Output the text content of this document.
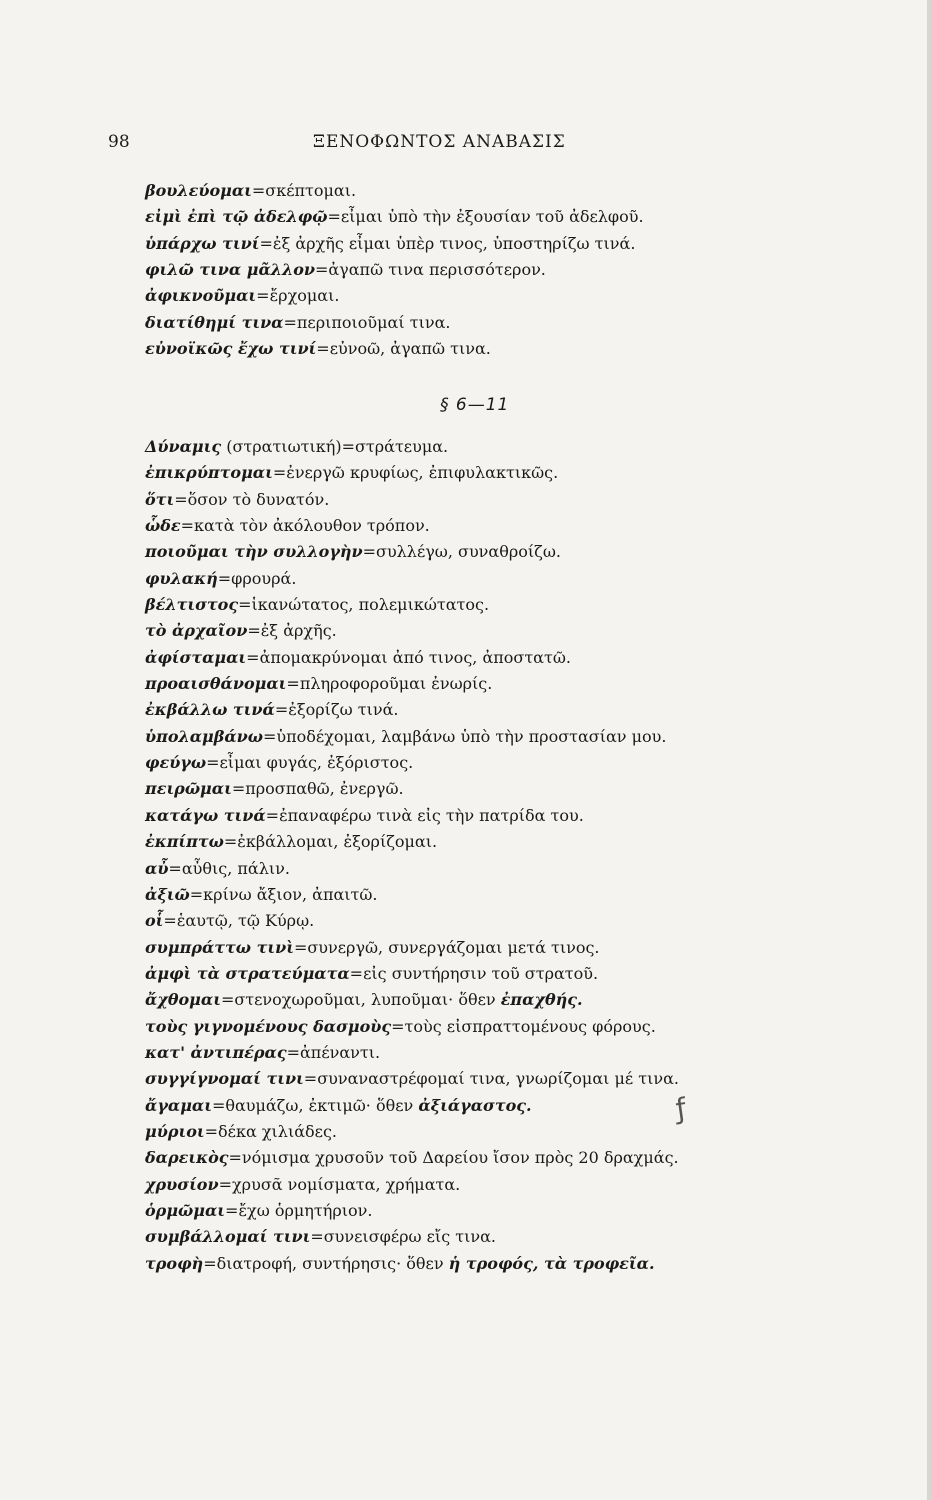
98	ΞΕΝΟΦΩΝΤΟΣ ΑΝΑΒΑΣΙΣ
βουλεύομαι=σκέπτομαι.
εἰμὶ ἐπὶ τῷ ἀδελφῷ=εἶμαι ὑπὸ τὴν ἐξουσίαν τοῦ ἀδελφοῦ.
ὑπάρχω τινί=ἐξ ἀρχῆς εἶμαι ὑπὲρ τινος, ὑποστηρίζω τινά.
φιλῶ τινα μᾶλλον=ἀγαπῶ τινα περισσότερον.
ἀφικνοῦμαι=ἔρχομαι.
διατίθημί τινα=περιποιοῦμαί τινα.
εὐνοϊκῶς ἔχω τινί=εὐνοῶ, ἀγαπῶ τινα.
§ 6—11
Δύναμις (στρατιωτική)=στράτευμα.
ἐπικρύπτομαι=ἐνεργῶ κρυφίως, ἐπιφυλακτικῶς.
ὅτι=ὅσον τὸ δυνατόν.
ὧδε=κατὰ τὸν ἀκόλουθον τρόπον.
ποιοῦμαι τὴν συλλογὴν=συλλέγω, συναθροίζω.
φυλακή=φρουρά.
βέλτιστος=ἱκανώτατος, πολεμικώτατος.
τὸ ἀρχαῖον=ἐξ ἀρχῆς.
ἀφίσταμαι=ἀπομακρύνομαι ἀπό τινος, ἀποστατῶ.
προαισθάνομαι=πληροφοροῦμαι ἐνωρίς.
ἐκβάλλω τινά=ἐξορίζω τινά.
ὑπολαμβάνω=ὑποδέχομαι, λαμβάνω ὑπὸ τὴν προστασίαν μου.
φεύγω=εἶμαι φυγάς, ἐξόριστος.
πειρῶμαι=προσπαθῶ, ἐνεργῶ.
κατάγω τινά=ἐπαναφέρω τινὰ εἰς τὴν πατρίδα του.
ἐκπίπτω=ἐκβάλλομαι, ἐξορίζομαι.
αὖ=αὖθις, πάλιν.
ἀξιῶ=κρίνω ἄξιον, ἀπαιτῶ.
οἷ=ἑαυτῷ, τῷ Κύρῳ.
συμπράττω τινὶ=συνεργῶ, συνεργάζομαι μετά τινος.
ἀμφὶ τὰ στρατεύματα=εἰς συντήρησιν τοῦ στρατοῦ.
ἄχθομαι=στενοχωροῦμαι, λυποῦμαι· ὅθεν ἐπαχθής.
τοὺς γιγνομένους δασμοὺς=τοὺς εἰσπραττομένους φόρους.
κατ' ἀντιπέρας=ἀπέναντι.
συγγίγνομαί τινι=συναναστρέφομαί τινα, γνωρίζομαι μέ τινα.
ἄγαμαι=θαυμάζω, ἐκτιμῶ· ὅθεν ἀξιάγαστος.
μύριοι=δέκα χιλιάδες.
δαρεικὸς=νόμισμα χρυσοῦν τοῦ Δαρείου ἴσον πρὸς 20 δραχμάς.
χρυσίον=χρυσᾶ νομίσματα, χρήματα.
ὁρμῶμαι=ἔχω ὁρμητήριον.
συμβάλλομαί τινι=συνεισφέρω εἴς τινα.
τροφὴ=διατροφή, συντήρησις· ὅθεν ἡ τροφός, τὰ τροφεῖα.
ƒ
